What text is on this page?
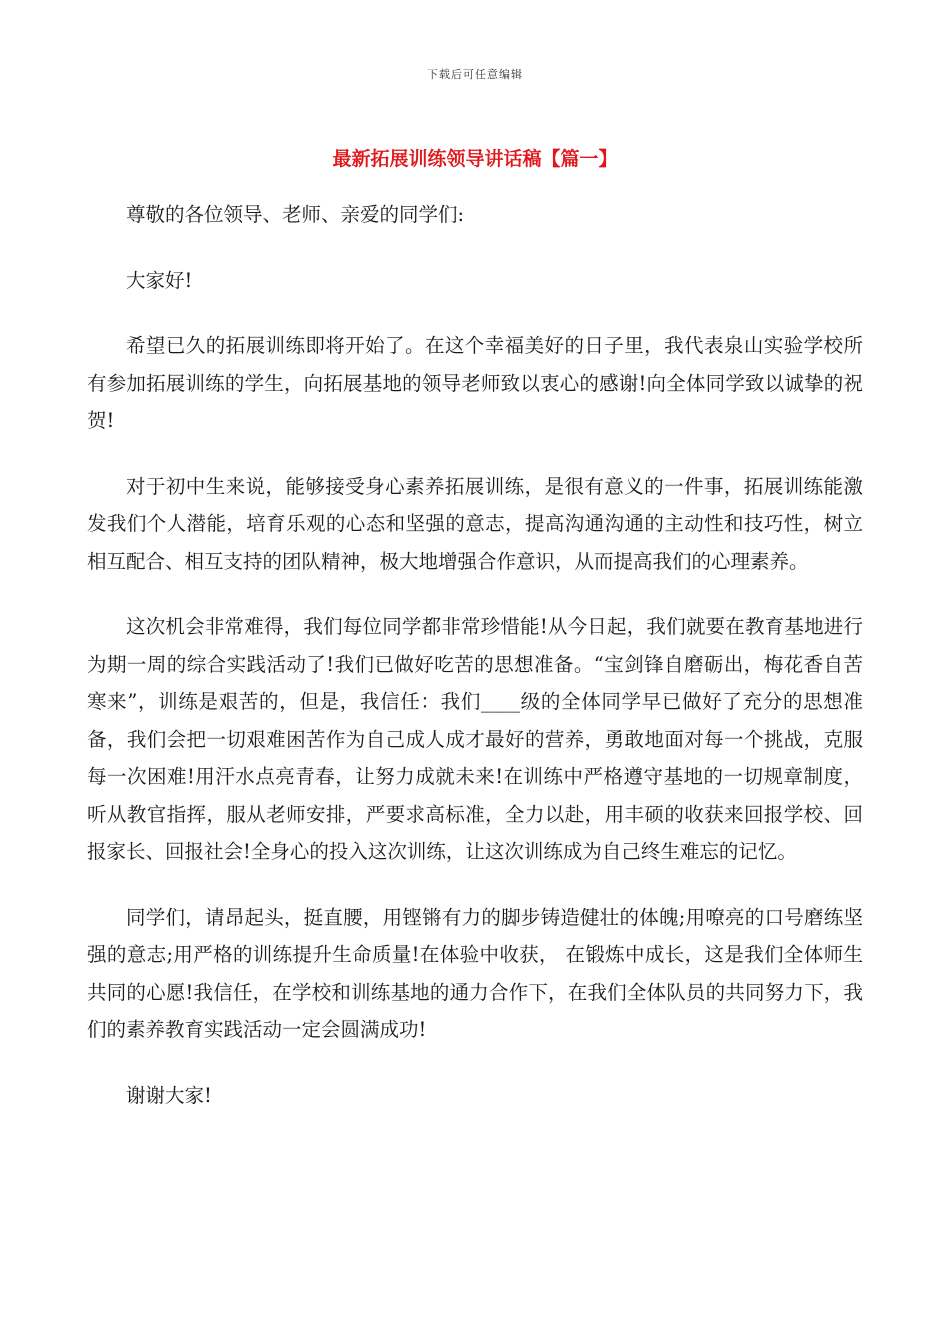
下载后可任意编辑
最新拓展训练领导讲话稿【篇一】

尊敬的各位领导、老师、亲爱的同学们:

大家好!

希望已久的拓展训练即将开始了。在这个幸福美好的日子里，我代表泉山实验学校所有参加拓展训练的学生，向拓展基地的领导老师致以衷心的感谢!向全体同学致以诚挚的祝贺!

对于初中生来说，能够接受身心素养拓展训练，是很有意义的一件事，拓展训练能激发我们个人潜能，培育乐观的心态和坚强的意志，提高沟通沟通的主动性和技巧性，树立相互配合、相互支持的团队精神，极大地增强合作意识，从而提高我们的心理素养。

这次机会非常难得，我们每位同学都非常珍惜能!从今日起，我们就要在教育基地进行为期一周的综合实践活动了!我们已做好吃苦的思想准备。“宝剑锋自磨砺出，梅花香自苦寒来”，训练是艰苦的，但是，我信任：我们____级的全体同学早已做好了充分的思想准备，我们会把一切艰难困苦作为自己成人成才最好的营养，勇敢地面对每一个挑战，克服每一次困难!用汗水点亮青春，让努力成就未来!在训练中严格遵守基地的一切规章制度，听从教官指挥，服从老师安排，严要求高标准，全力以赴，用丰硕的收获来回报学校、回报家长、回报社会!全身心的投入这次训练，让这次训练成为自己终生难忘的记忆。

同学们，请昂起头，挺直腰，用铿锵有力的脚步铸造健壮的体魄;用嘹亮的口号磨练坚强的意志;用严格的训练提升生命质量!在体验中收获， 在锻炼中成长，这是我们全体师生共同的心愿!我信任，在学校和训练基地的通力合作下，在我们全体队员的共同努力下，我们的素养教育实践活动一定会圆满成功!

谢谢大家!
